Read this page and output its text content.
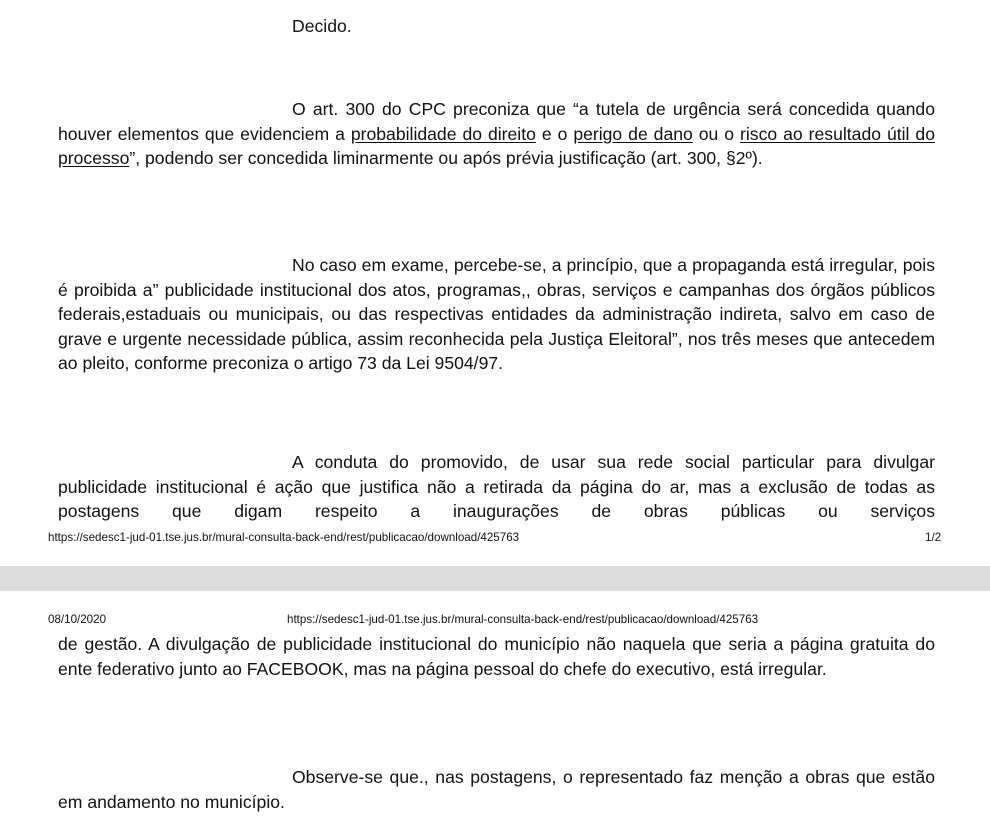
Decido.

O art. 300 do CPC preconiza que “a tutela de urgência será concedida quando houver elementos que evidenciem a probabilidade do direito e o perigo de dano ou o risco ao resultado útil do processo”, podendo ser concedida liminarmente ou após prévia justificação (art. 300, §2º).

No caso em exame, percebe-se, a princípio, que a propaganda está irregular, pois é proibida a” publicidade institucional dos atos, programas,, obras, serviços e campanhas dos órgãos públicos federais,estaduais ou municipais, ou das respectivas entidades da administração indireta, salvo em caso de grave e urgente necessidade pública, assim reconhecida pela Justiça Eleitoral”, nos três meses que antecedem ao pleito, conforme preconiza o artigo 73 da Lei 9504/97.

A conduta do promovido, de usar sua rede social particular para divulgar publicidade institucional é ação que justifica não a retirada da página do ar, mas a exclusão de todas as postagens que digam respeito a inaugurações de obras públicas ou serviços

https://sedesc1-jud-01.tse.jus.br/mural-consulta-back-end/rest/publicacao/download/425763	1/2
08/10/2020	https://sedesc1-jud-01.tse.jus.br/mural-consulta-back-end/rest/publicacao/download/425763

de gestão. A divulgação de publicidade institucional do município não naquela que seria a página gratuita do ente federativo junto ao FACEBOOK, mas na página pessoal do chefe do executivo, está irregular.

Observe-se que., nas postagens, o representado faz menção a obras que estão em andamento no município.
